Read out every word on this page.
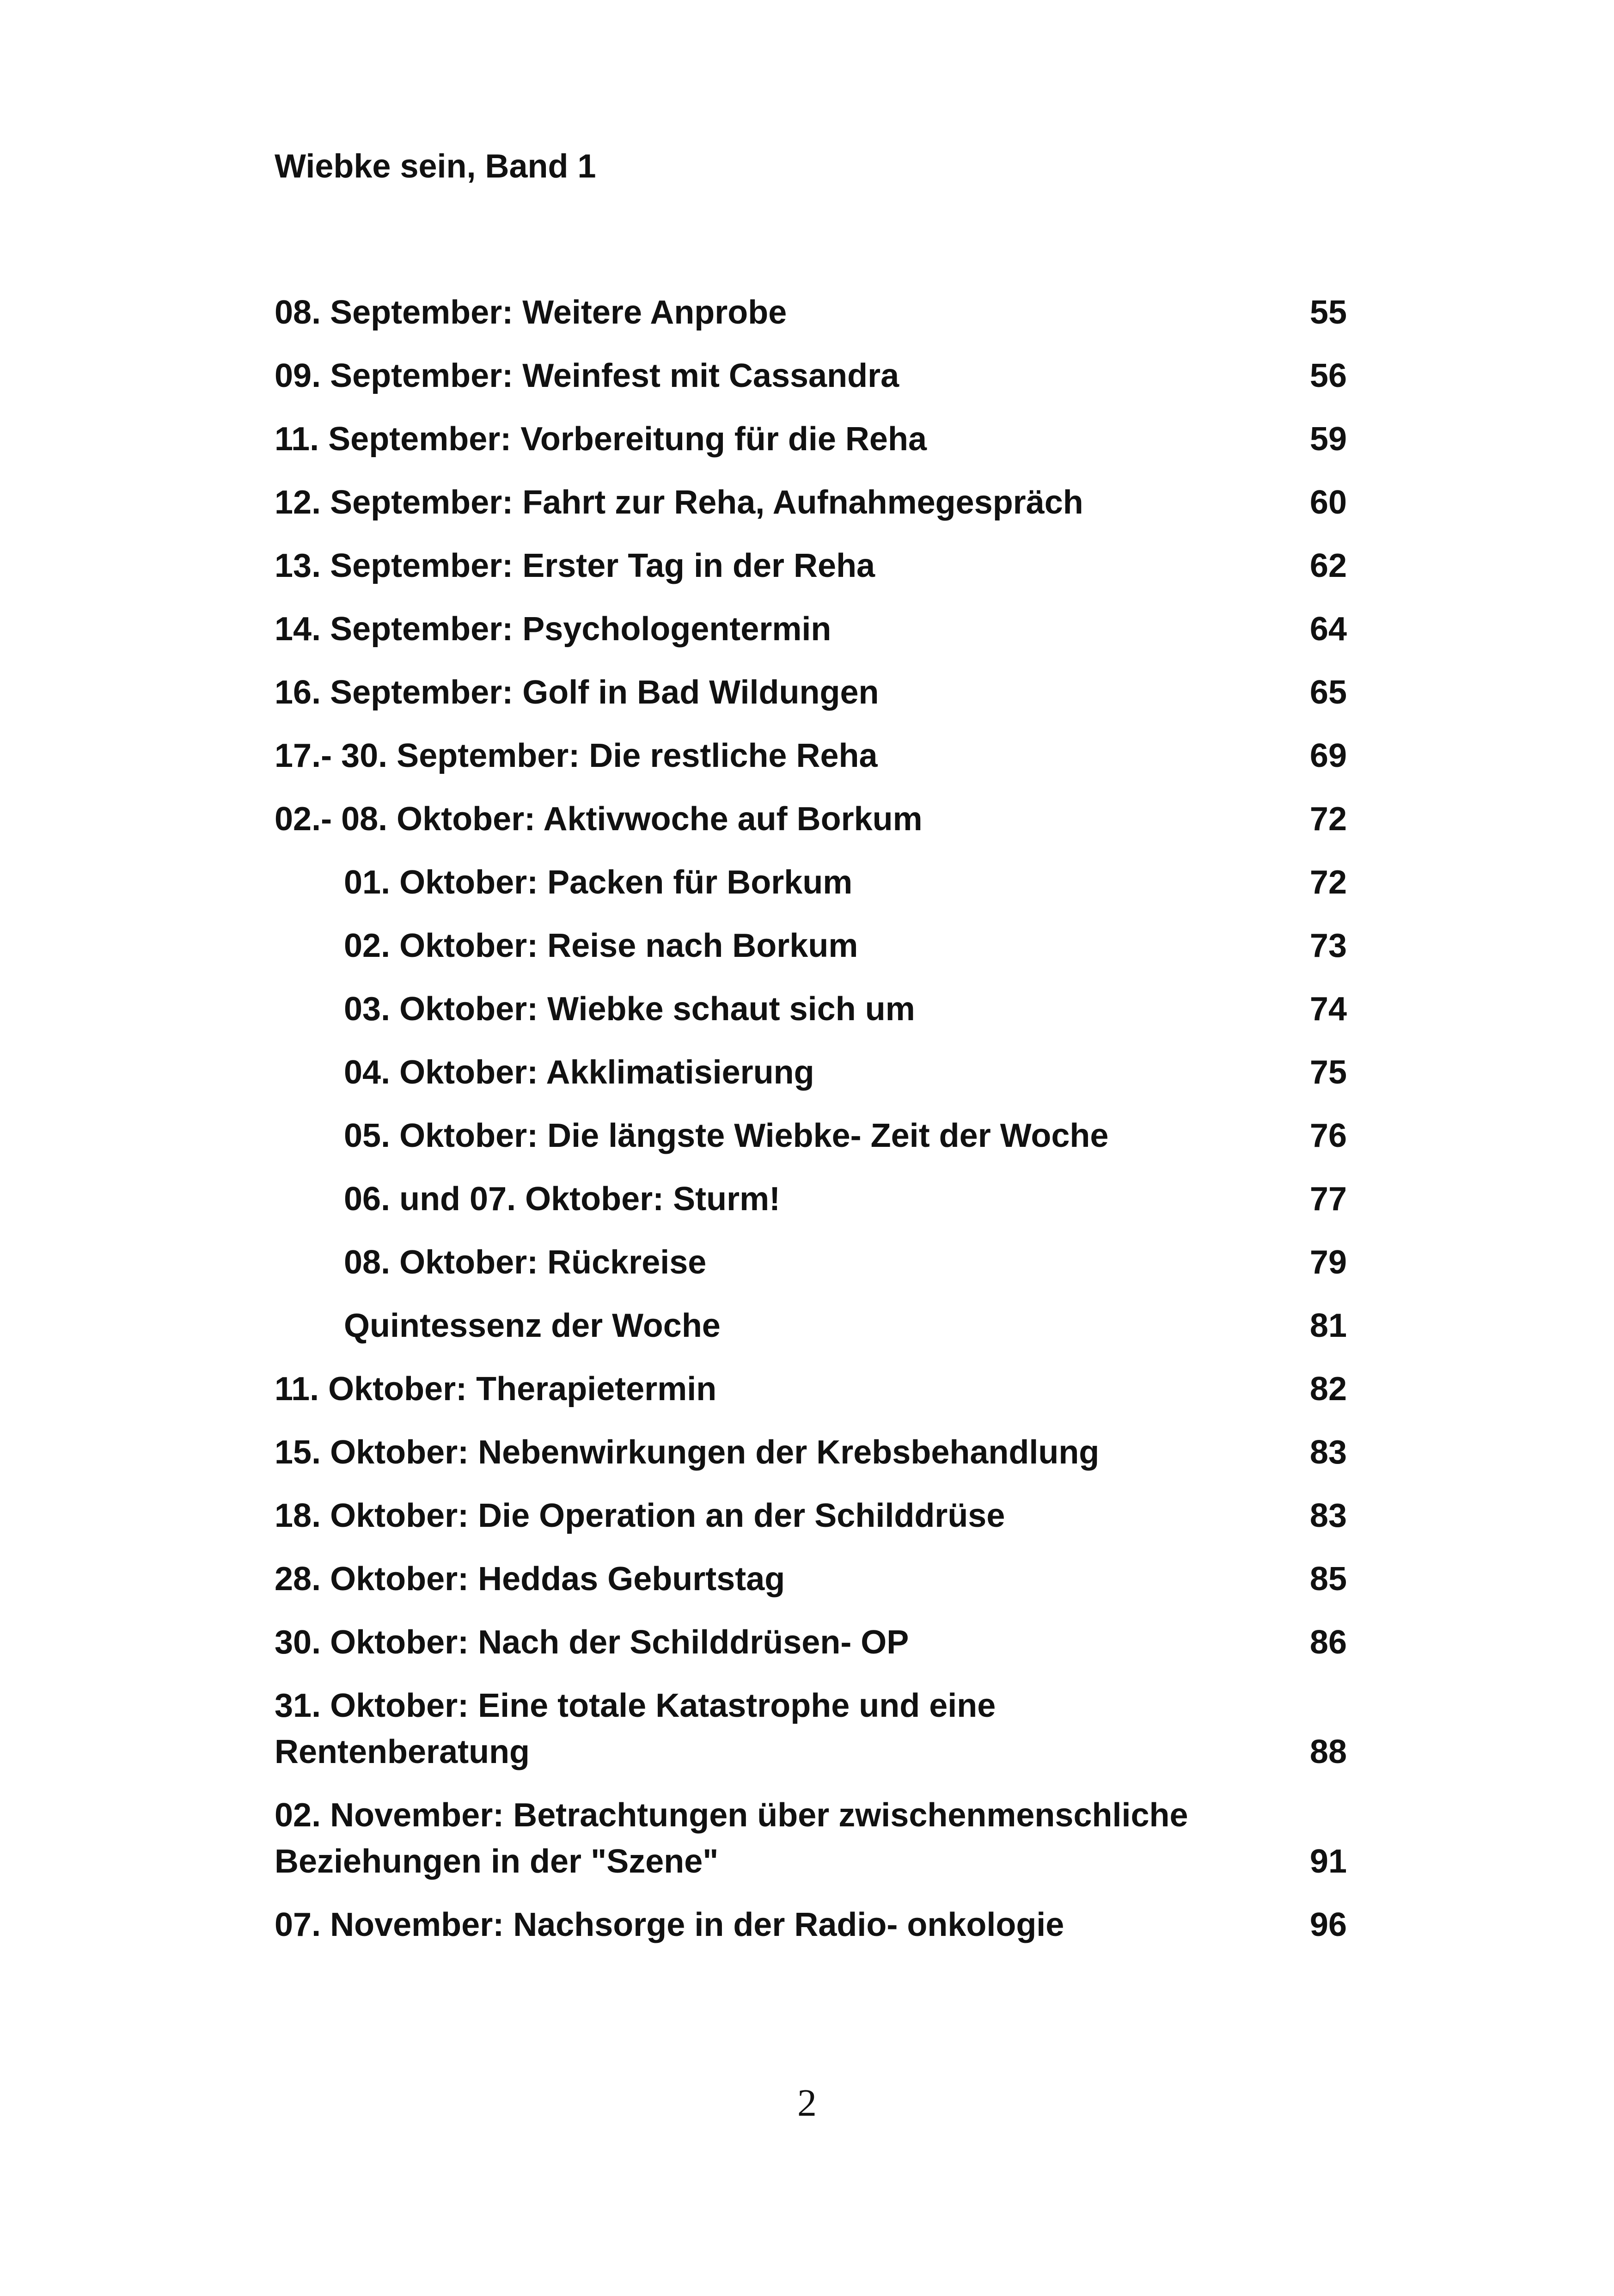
Wiebke sein, Band 1
08. September: Weitere Anprobe	55
09. September: Weinfest mit Cassandra	56
11. September: Vorbereitung für die Reha	59
12. September: Fahrt zur Reha, Aufnahmegespräch	60
13. September: Erster Tag in der Reha	62
14. September: Psychologentermin	64
16. September: Golf in Bad Wildungen	65
17.- 30. September: Die restliche Reha	69
02.- 08. Oktober: Aktivwoche auf Borkum	72
01. Oktober: Packen für Borkum	72
02. Oktober: Reise nach Borkum	73
03. Oktober: Wiebke schaut sich um	74
04. Oktober: Akklimatisierung	75
05. Oktober: Die längste Wiebke- Zeit der Woche	76
06. und 07. Oktober: Sturm!	77
08. Oktober: Rückreise	79
Quintessenz der Woche	81
11. Oktober: Therapietermin	82
15. Oktober: Nebenwirkungen der Krebsbehandlung	83
18. Oktober: Die Operation an der Schilddrüse	83
28. Oktober: Heddas Geburtstag	85
30. Oktober: Nach der Schilddrüsen- OP	86
31. Oktober: Eine totale Katastrophe und eine
Rentenberatung	88
02. November: Betrachtungen über zwischenmenschliche
Beziehungen in der "Szene"	91
07. November: Nachsorge in der Radio- onkologie	96
2
